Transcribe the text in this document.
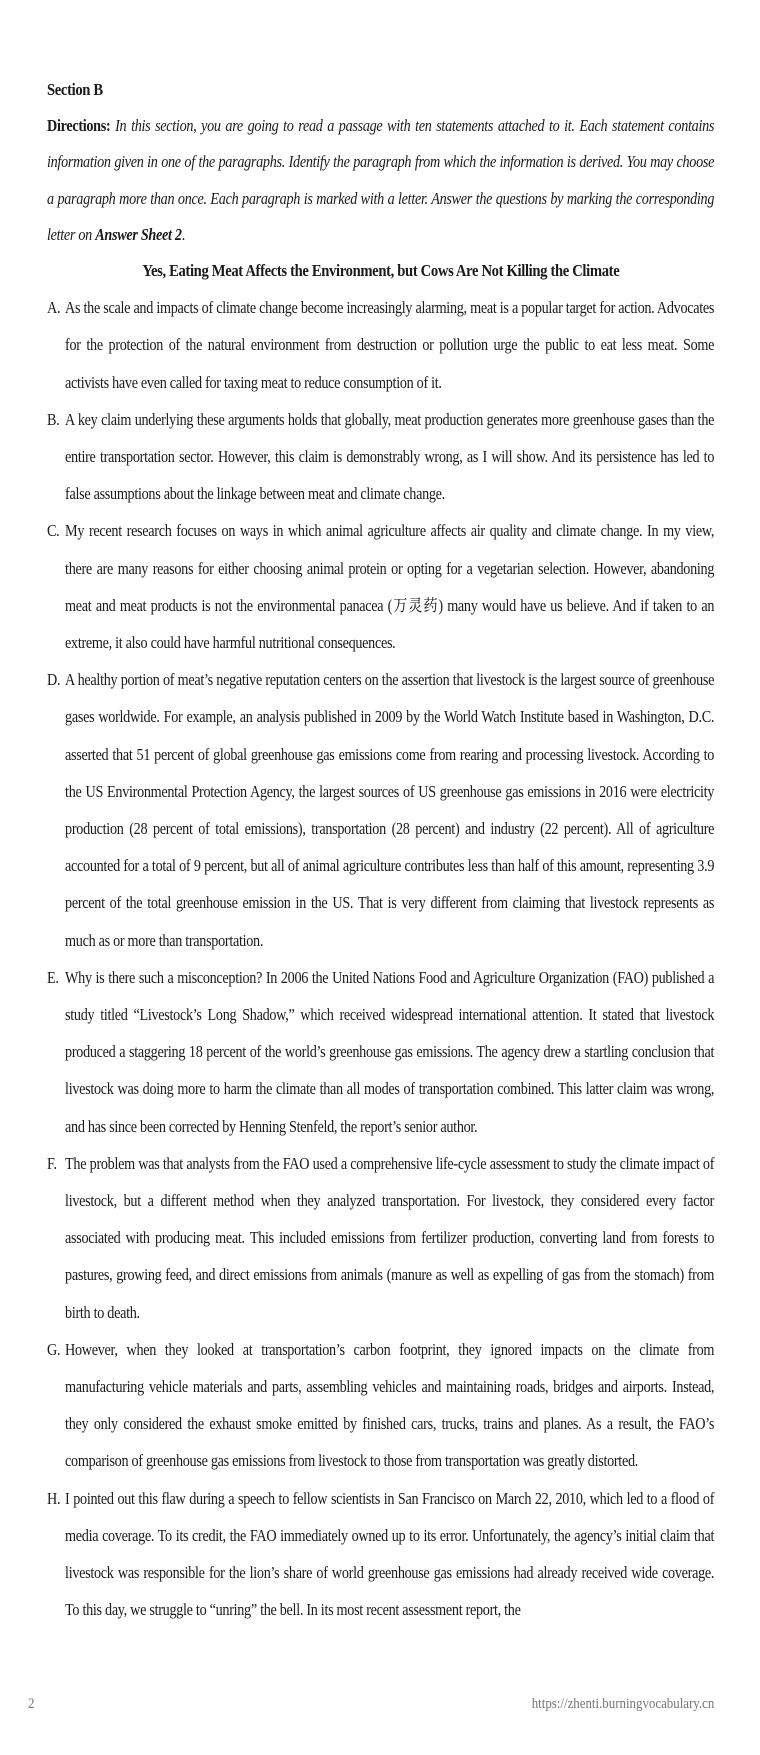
Section B
Directions: In this section, you are going to read a passage with ten statements attached to it. Each statement contains information given in one of the paragraphs. Identify the paragraph from which the information is derived. You may choose a paragraph more than once. Each paragraph is marked with a letter. Answer the questions by marking the corresponding letter on Answer Sheet 2.
Yes, Eating Meat Affects the Environment, but Cows Are Not Killing the Climate
A. As the scale and impacts of climate change become increasingly alarming, meat is a popular target for action. Advocates for the protection of the natural environment from destruction or pollution urge the public to eat less meat. Some activists have even called for taxing meat to reduce consumption of it.
B. A key claim underlying these arguments holds that globally, meat production generates more greenhouse gases than the entire transportation sector. However, this claim is demonstrably wrong, as I will show. And its persistence has led to false assumptions about the linkage between meat and climate change.
C. My recent research focuses on ways in which animal agriculture affects air quality and climate change. In my view, there are many reasons for either choosing animal protein or opting for a vegetarian selection. However, abandoning meat and meat products is not the environmental panacea (万灵药) many would have us believe. And if taken to an extreme, it also could have harmful nutritional consequences.
D. A healthy portion of meat’s negative reputation centers on the assertion that livestock is the largest source of greenhouse gases worldwide. For example, an analysis published in 2009 by the World Watch Institute based in Washington, D.C. asserted that 51 percent of global greenhouse gas emissions come from rearing and processing livestock. According to the US Environmental Protection Agency, the largest sources of US greenhouse gas emissions in 2016 were electricity production (28 percent of total emissions), transportation (28 percent) and industry (22 percent). All of agriculture accounted for a total of 9 percent, but all of animal agriculture contributes less than half of this amount, representing 3.9 percent of the total greenhouse emission in the US. That is very different from claiming that livestock represents as much as or more than transportation.
E. Why is there such a misconception? In 2006 the United Nations Food and Agriculture Organization (FAO) published a study titled “Livestock’s Long Shadow,” which received widespread international attention. It stated that livestock produced a staggering 18 percent of the world’s greenhouse gas emissions. The agency drew a startling conclusion that livestock was doing more to harm the climate than all modes of transportation combined. This latter claim was wrong, and has since been corrected by Henning Stenfeld, the report’s senior author.
F. The problem was that analysts from the FAO used a comprehensive life-cycle assessment to study the climate impact of livestock, but a different method when they analyzed transportation. For livestock, they considered every factor associated with producing meat. This included emissions from fertilizer production, converting land from forests to pastures, growing feed, and direct emissions from animals (manure as well as expelling of gas from the stomach) from birth to death.
G. However, when they looked at transportation’s carbon footprint, they ignored impacts on the climate from manufacturing vehicle materials and parts, assembling vehicles and maintaining roads, bridges and airports. Instead, they only considered the exhaust smoke emitted by finished cars, trucks, trains and planes. As a result, the FAO’s comparison of greenhouse gas emissions from livestock to those from transportation was greatly distorted.
H. I pointed out this flaw during a speech to fellow scientists in San Francisco on March 22, 2010, which led to a flood of media coverage. To its credit, the FAO immediately owned up to its error. Unfortunately, the agency’s initial claim that livestock was responsible for the lion’s share of world greenhouse gas emissions had already received wide coverage. To this day, we struggle to “unring” the bell. In its most recent assessment report, the
2	https://zhenti.burningvocabulary.cn
